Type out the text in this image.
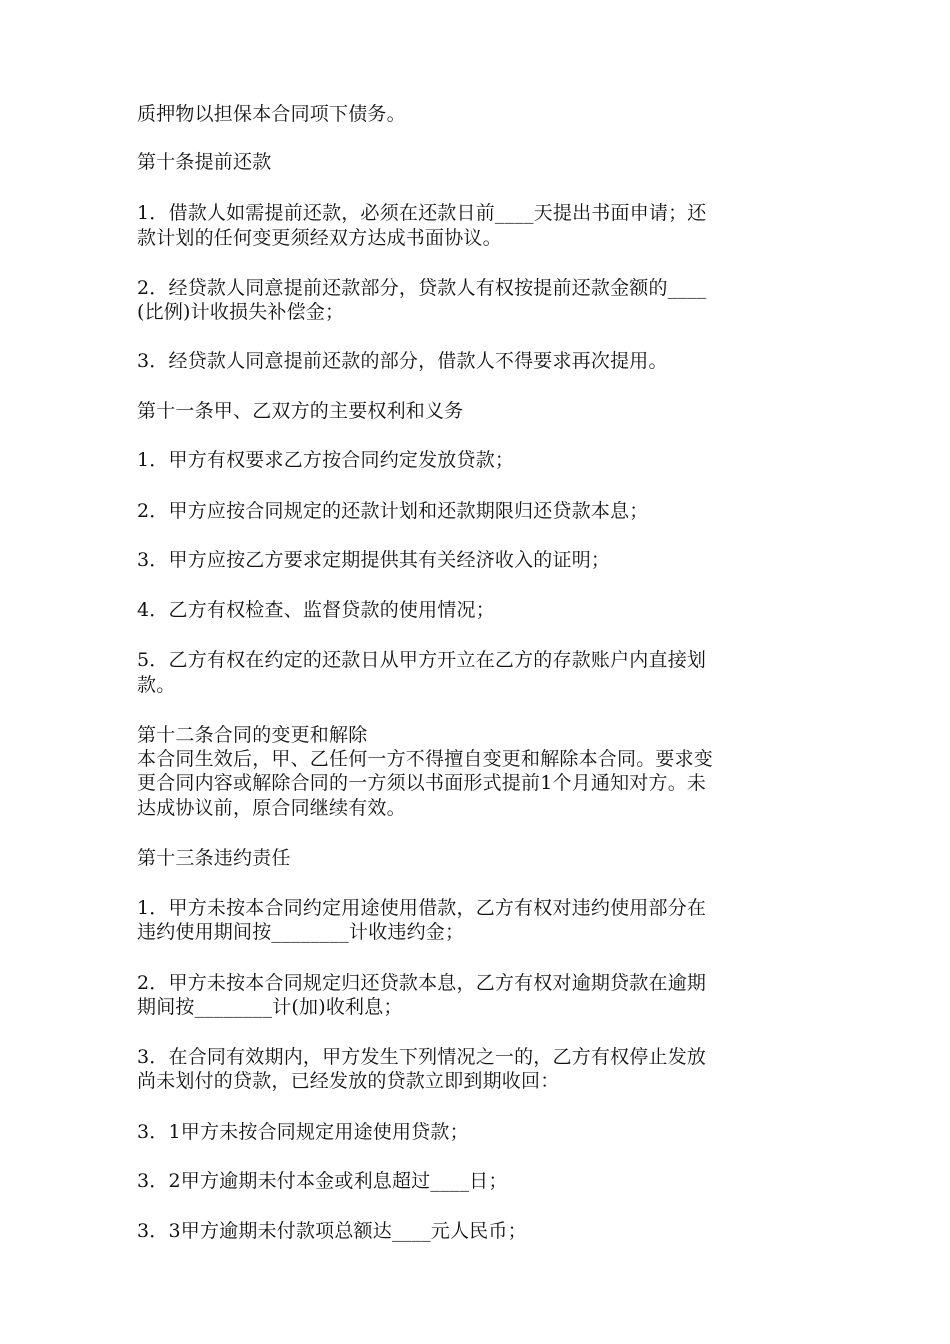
质押物以担保本合同项下债务。
第十条提前还款
1．借款人如需提前还款，必须在还款日前____天提出书面申请；还
款计划的任何变更须经双方达成书面协议。
2．经贷款人同意提前还款部分，贷款人有权按提前还款金额的____
(比例)计收损失补偿金；
3．经贷款人同意提前还款的部分，借款人不得要求再次提用。
第十一条甲、乙双方的主要权利和义务
1．甲方有权要求乙方按合同约定发放贷款；
2．甲方应按合同规定的还款计划和还款期限归还贷款本息；
3．甲方应按乙方要求定期提供其有关经济收入的证明；
4．乙方有权检查、监督贷款的使用情况；
5．乙方有权在约定的还款日从甲方开立在乙方的存款账户内直接划
款。
第十二条合同的变更和解除
本合同生效后，甲、乙任何一方不得擅自变更和解除本合同。要求变
更合同内容或解除合同的一方须以书面形式提前1个月通知对方。未
达成协议前，原合同继续有效。
第十三条违约责任
1．甲方未按本合同约定用途使用借款，乙方有权对违约使用部分在
违约使用期间按________计收违约金；
2．甲方未按本合同规定归还贷款本息，乙方有权对逾期贷款在逾期
期间按________计(加)收利息；
3．在合同有效期内，甲方发生下列情况之一的，乙方有权停止发放
尚未划付的贷款，已经发放的贷款立即到期收回：
3．1甲方未按合同规定用途使用贷款；
3．2甲方逾期未付本金或利息超过____日；
3．3甲方逾期未付款项总额达____元人民币；
